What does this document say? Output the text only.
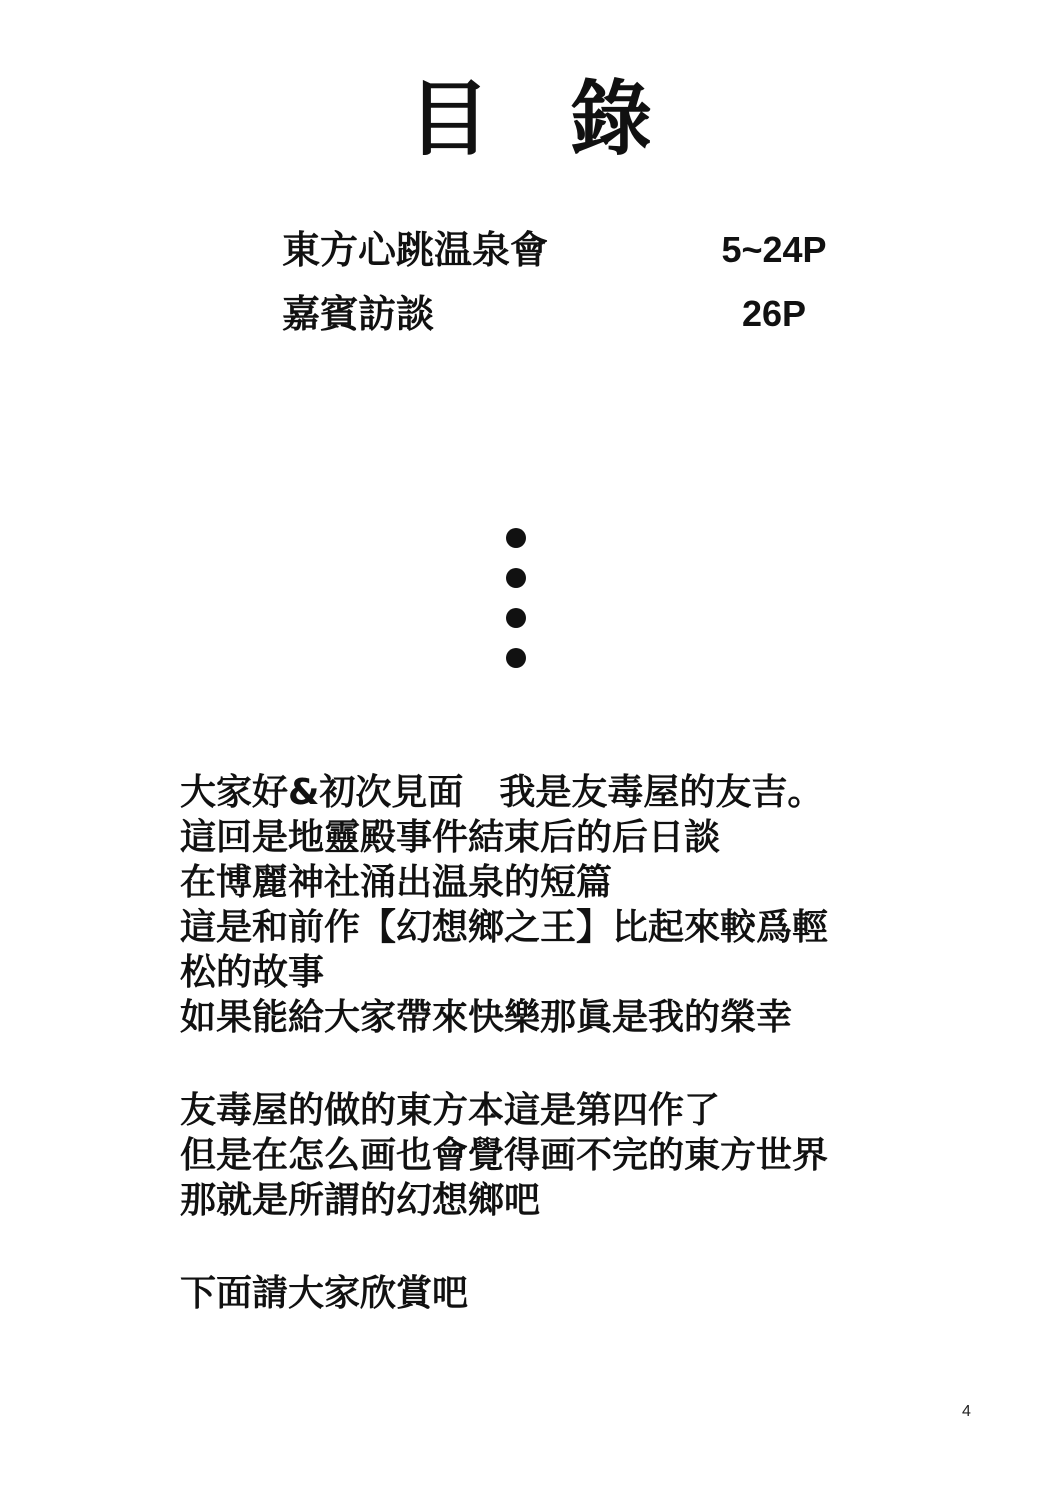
目 錄
東方心跳温泉會	5~24P
嘉賓訪談	26P
大家好&初次見面　我是友毒屋的友吉。
這回是地靈殿事件結束后的后日談
在博麗神社涌出温泉的短篇
這是和前作【幻想鄉之王】比起來較爲輕
松的故事
如果能給大家帶來快樂那眞是我的榮幸
友毒屋的做的東方本這是第四作了
但是在怎么画也會覺得画不完的東方世界
那就是所謂的幻想鄉吧
下面請大家欣賞吧
4
